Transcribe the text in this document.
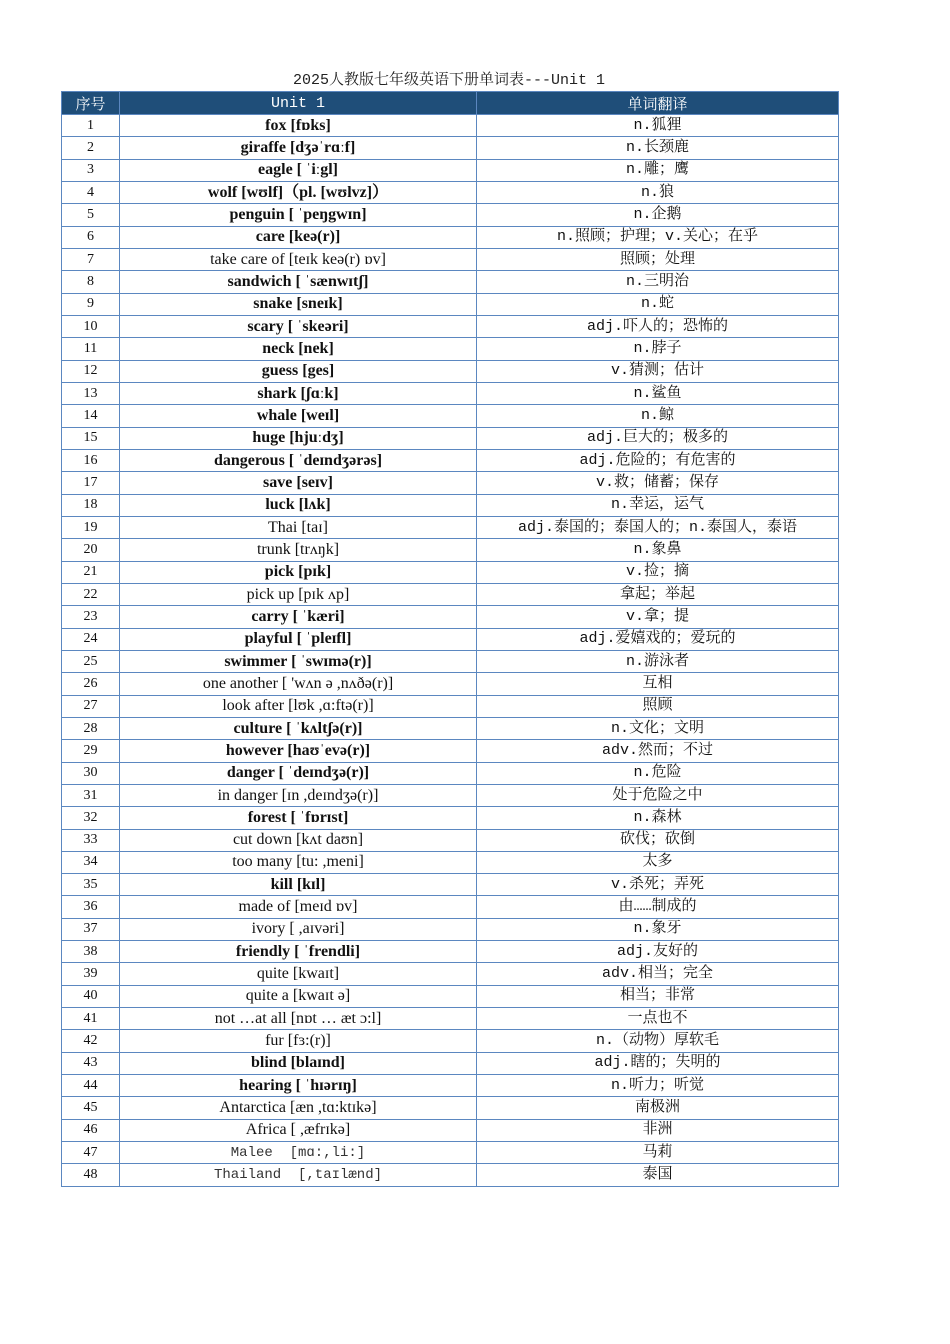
2025人教版七年级英语下册单词表---Unit 1
序号	Unit 1	单词翻译
1	fox [fɒks]	n.狐狸
2	giraffe [dʒəˈrɑːf]	n.长颈鹿
3	eagle [ ˈiːgl]	n.雕；鹰
4	wolf [wʊlf]（pl. [wʊlvz]）	n.狼
5	penguin [ ˈpeŋgwɪn]	n.企鹅
6	care [keə(r)]	n.照顾；护理；v.关心；在乎
7	take care of [teɪk keə(r) ɒv]	照顾；处理
8	sandwich [ ˈsænwɪtʃ]	n.三明治
9	snake [sneɪk]	n.蛇
10	scary [ ˈskeəri]	adj.吓人的；恐怖的
11	neck [nek]	n.脖子
12	guess [ges]	v.猜测；估计
13	shark [ʃɑːk]	n.鲨鱼
14	whale [weɪl]	n.鲸
15	huge [hjuːdʒ]	adj.巨大的；极多的
16	dangerous [ ˈdeɪndʒərəs]	adj.危险的；有危害的
17	save [seɪv]	v.救；储蓄；保存
18	luck [lʌk]	n.幸运，运气
19	Thai [taɪ]	adj.泰国的；泰国人的；n.泰国人，泰语
20	trunk [trʌŋk]	n.象鼻
21	pick [pɪk]	v.捡；摘
22	pick up [pɪk ʌp]	拿起；举起
23	carry [ ˈkæri]	v.拿；提
24	playful [ ˈpleɪfl]	adj.爱嬉戏的；爱玩的
25	swimmer [ ˈswɪmə(r)]	n.游泳者
26	one another [ 'wʌn ə ,nʌðə(r)]	互相
27	look after [lʊk ,ɑ:ftə(r)]	照顾
28	culture [ ˈkʌltʃə(r)]	n.文化；文明
29	however [haʊˈevə(r)]	adv.然而；不过
30	danger [ ˈdeɪndʒə(r)]	n.危险
31	in danger [ɪn ,deɪndʒə(r)]	处于危险之中
32	forest [ ˈfɒrɪst]	n.森林
33	cut down [kʌt daʊn]	砍伐；砍倒
34	too many [tu: ,meni]	太多
35	kill [kɪl]	v.杀死；弄死
36	made of [meɪd ɒv]	由……制成的
37	ivory [ ,aɪvəri]	n.象牙
38	friendly [ ˈfrendli]	adj.友好的
39	quite [kwaɪt]	adv.相当；完全
40	quite a [kwaɪt ə]	相当；非常
41	not …at all [nɒt … æt ɔ:l]	一点也不
42	fur [fɜ:(r)]	n.（动物）厚软毛
43	blind [blaɪnd]	adj.瞎的；失明的
44	hearing [ ˈhɪərɪŋ]	n.听力；听觉
45	Antarctica [æn ,tɑ:ktɪkə]	南极洲
46	Africa [ ,æfrɪkə]	非洲
47	Malee  [mɑ:,li:]	马莉
48	Thailand  [,taɪlænd]	泰国
